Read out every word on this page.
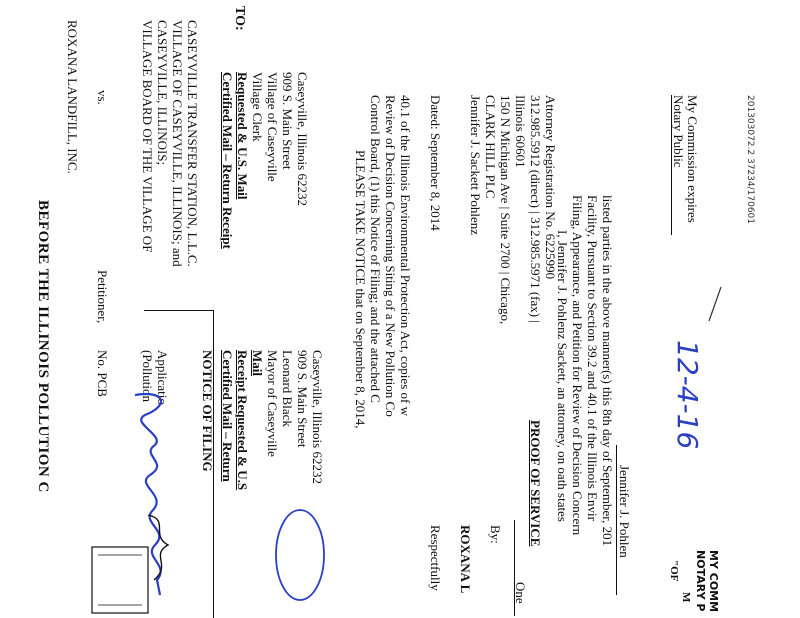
BEFORE THE ILLINOIS POLLUTION C
ROXANA LANDFILL, INC.
Petitioner,
vs. VILLAGE BOARD OF THE VILLAGE OF CASEYVILLE, ILLINOIS; VILLAGE OF CASEYVILLE, ILLINOIS; and CASEYVILLE TRANSFER STATION, L.L.C.
No. PCB (Pollution Applicatio NOTICE OF FILING
TO:
Certified Mail – Return Receipt Requested & U.S. Mail Village Clerk Village of Caseyville 909 S. Main Street Caseyville, Illinois 62232
Certified Mail – Return Receipt Requested & U.S Mail Mayor of Caseyville Leonard Black 909 S. Main Street Caseyville, Illinois 62232 PLEASE TAKE NOTICE that on September 8, 2014, Control Board, (1) this Notice of Filing; and the attached C Review of Decision Concerning Siting of a New Pollution Co 40.1 of the Illinois Environmental Protection Act, copies of w Dated: September 8, 2014
Respectfully ROXANA L By:
Jennifer J. Sackett Pohlenz CLARK HILL PLC 150 N Michigan Ave | Suite 2700 | Chicago, Illinois 60601 312.985.5912 (direct) | 312.985.5971 (fax) | Attorney Registration No. 6225990
One
PROOF OF SERVICE I, Jennifer J. Pohlenz Sackett, an attorney, on oath states Filing, Appearance, and Petition for Review of Decision Concern Facility, Pursuant to Section 39.2 and 40.1 of the Illinois Envir listed parties in the above manner(s) this 8th day of September, 201 Jennifer J. Pohlen
Notary Public My Commission expires
12-4-16
201303072.2 37234/170601
"OF
M NOTARY P MY COMM
